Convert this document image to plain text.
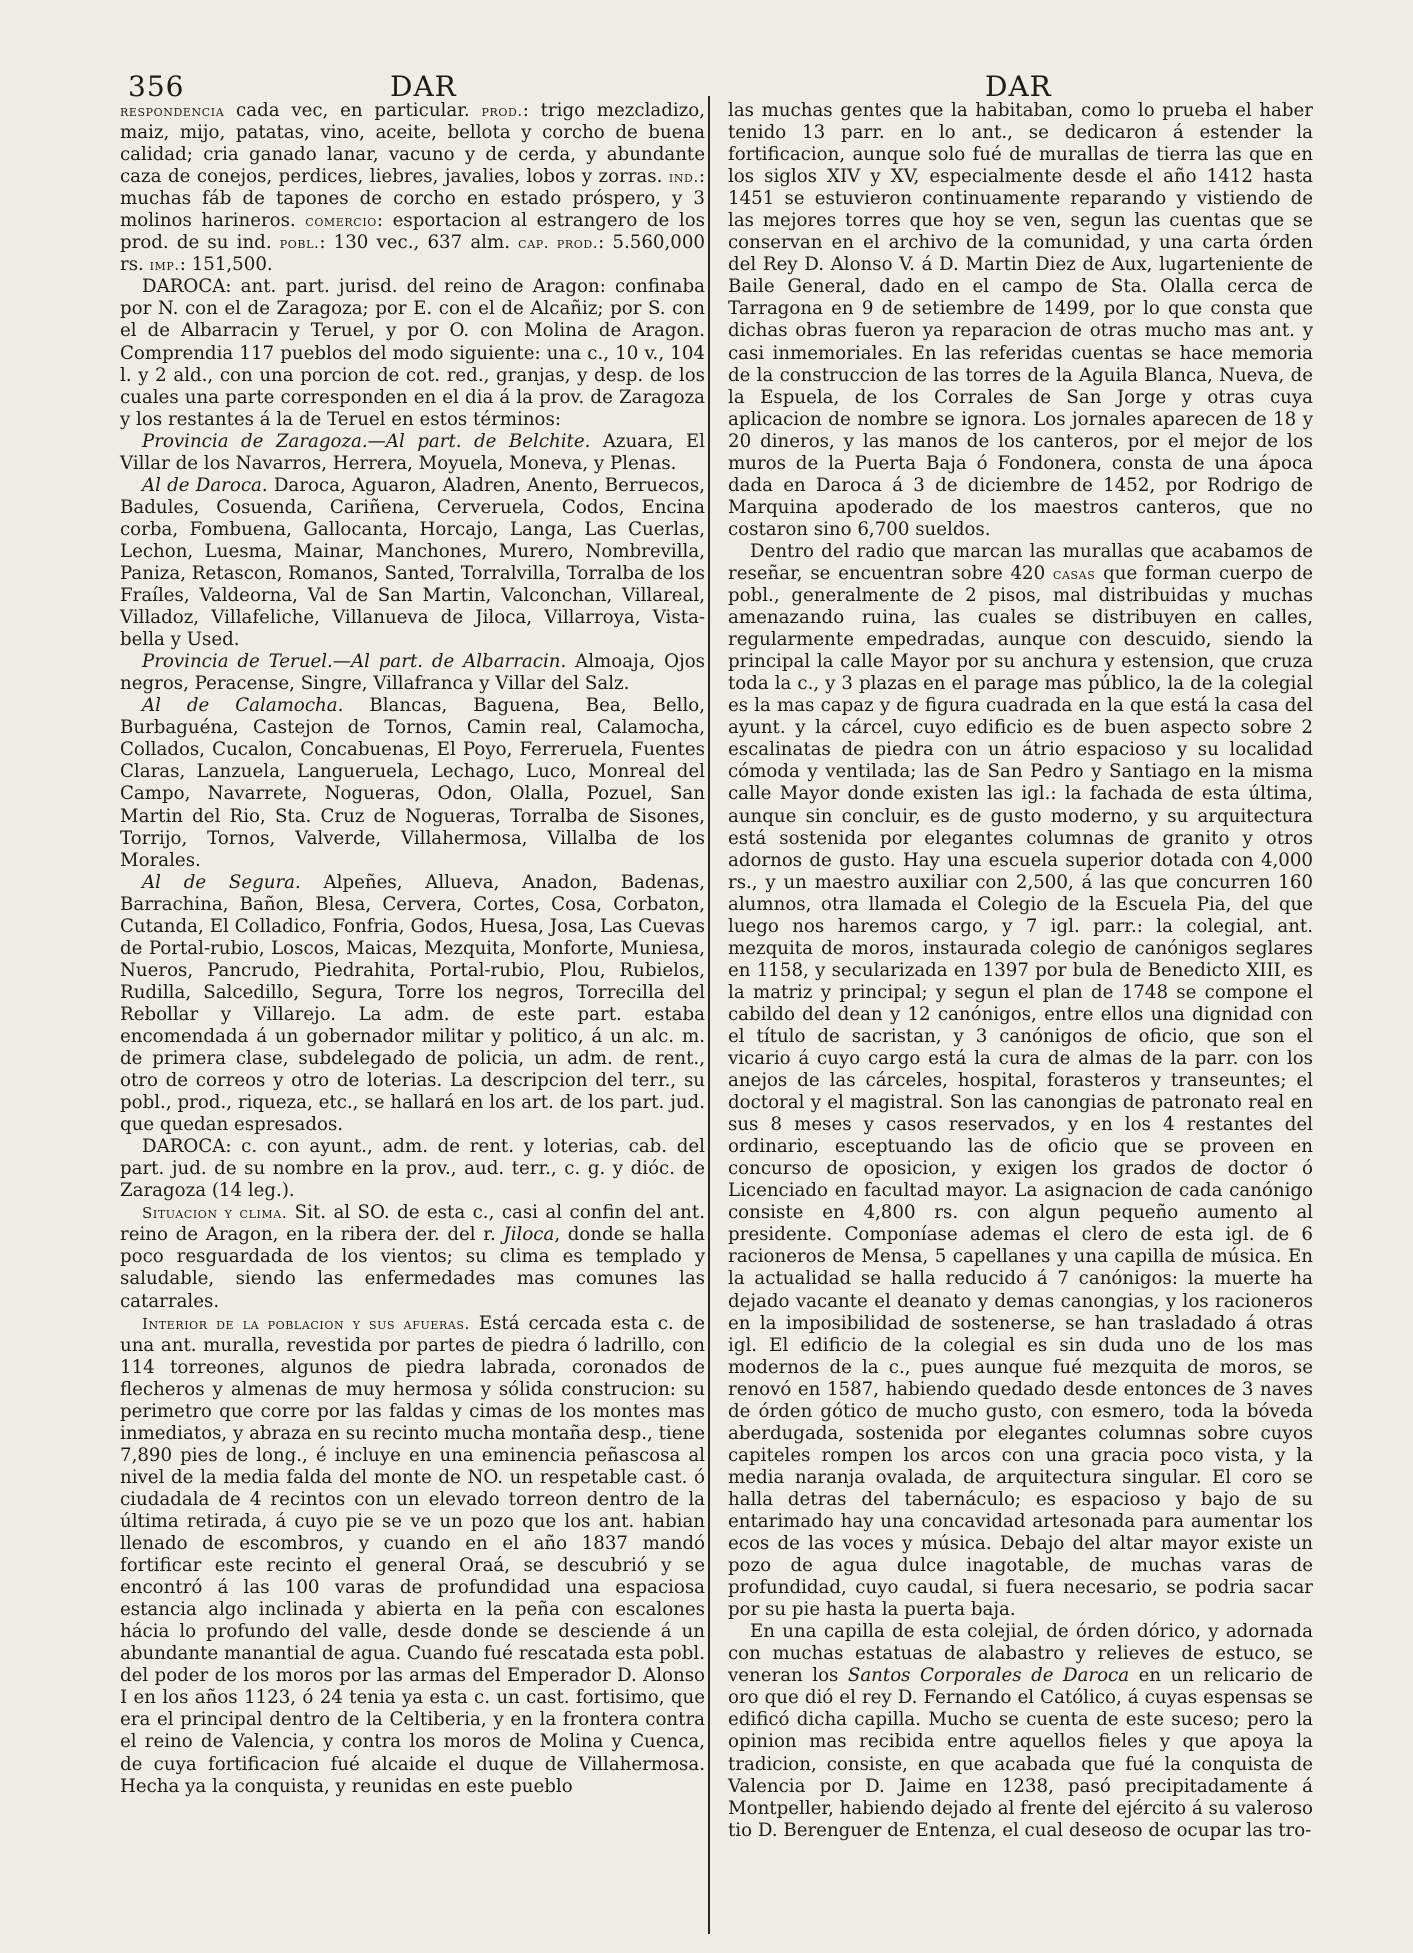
356	DAR	DAR

respondencia cada vec, en particular. prod.: trigo mezcladizo, maiz, mijo, patatas, vino, aceite, bellota y corcho de buena calidad; cria ganado lanar, vacuno y de cerda, y abundante caza de conejos, perdices, liebres, javalies, lobos y zorras. ind.: muchas fáb de tapones de corcho en estado próspero, y 3 molinos harineros. comercio: esportacion al estrangero de los prod. de su ind. pobl.: 130 vec., 637 alm. cap. prod.: 5.560,000 rs. imp.: 151,500.

DAROCA: ant. part. jurisd. del reino de Aragon: confinaba por N. con el de Zaragoza; por E. con el de Alcañiz; por S. con el de Albarracin y Teruel, y por O. con Molina de Aragon. Comprendia 117 pueblos del modo siguiente: una c., 10 v., 104 l. y 2 ald., con una porcion de cot. red., granjas, y desp. de los cuales una parte corresponden en el dia á la prov. de Zaragoza y los restantes á la de Teruel en estos términos:

Provincia de Zaragoza.—Al part. de Belchite. Azuara, El Villar de los Navarros, Herrera, Moyuela, Moneva, y Plenas.

Al de Daroca. Daroca, Aguaron, Aladren, Anento, Berruecos, Badules, Cosuenda, Cariñena, Cerveruela, Codos, Encina corba, Fombuena, Gallocanta, Horcajo, Langa, Las Cuerlas, Lechon, Luesma, Mainar, Manchones, Murero, Nombrevilla, Paniza, Retascon, Romanos, Santed, Torralvilla, Torralba de los Fraíles, Valdeorna, Val de San Martin, Valconchan, Villareal, Villadoz, Villafeliche, Villanueva de Jiloca, Villarroya, Vista-bella y Used.

Provincia de Teruel.—Al part. de Albarracin. Almoaja, Ojos negros, Peracense, Singre, Villafranca y Villar del Salz.

Al de Calamocha. Blancas, Baguena, Bea, Bello, Burbaguéna, Castejon de Tornos, Camin real, Calamocha, Collados, Cucalon, Concabuenas, El Poyo, Ferreruela, Fuentes Claras, Lanzuela, Langueruela, Lechago, Luco, Monreal del Campo, Navarrete, Nogueras, Odon, Olalla, Pozuel, San Martin del Rio, Sta. Cruz de Nogueras, Torralba de Sisones, Torrijo, Tornos, Valverde, Villahermosa, Villalba de los Morales.

Al de Segura. Alpeñes, Allueva, Anadon, Badenas, Barrachina, Bañon, Blesa, Cervera, Cortes, Cosa, Corbaton, Cutanda, El Colladico, Fonfria, Godos, Huesa, Josa, Las Cuevas de Portal-rubio, Loscos, Maicas, Mezquita, Monforte, Muniesa, Nueros, Pancrudo, Piedrahita, Portal-rubio, Plou, Rubielos, Rudilla, Salcedillo, Segura, Torre los negros, Torrecilla del Rebollar y Villarejo. La adm. de este part. estaba encomendada á un gobernador militar y politico, á un alc. m. de primera clase, subdelegado de policia, un adm. de rent., otro de correos y otro de loterias. La descripcion del terr., su pobl., prod., riqueza, etc., se hallará en los art. de los part. jud. que quedan espresados.

DAROCA: c. con ayunt., adm. de rent. y loterias, cab. del part. jud. de su nombre en la prov., aud. terr., c. g. y dióc. de Zaragoza (14 leg.).

Situacion y clima. Sit. al SO. de esta c., casi al confin del ant. reino de Aragon, en la ribera der. del r. Jiloca, donde se halla poco resguardada de los vientos; su clima es templado y saludable, siendo las enfermedades mas comunes las catarrales.

Interior de la poblacion y sus afueras. Está cercada esta c. de una ant. muralla, revestida por partes de piedra ó ladrillo, con 114 torreones, algunos de piedra labrada, coronados de flecheros y almenas de muy hermosa y sólida construcion: su perimetro que corre por las faldas y cimas de los montes mas inmediatos, y abraza en su recinto mucha montaña desp., tiene 7,890 pies de long., é incluye en una eminencia peñascosa al nivel de la media falda del monte de NO. un respetable cast. ó ciudadala de 4 recintos con un elevado torreon dentro de la última retirada, á cuyo pie se ve un pozo que los ant. habian llenado de escombros, y cuando en el año 1837 mandó fortificar este recinto el general Oraá, se descubrió y se encontró á las 100 varas de profundidad una espaciosa estancia algo inclinada y abierta en la peña con escalones hácia lo profundo del valle, desde donde se desciende á un abundante manantial de agua. Cuando fué rescatada esta pobl. del poder de los moros por las armas del Emperador D. Alonso I en los años 1123, ó 24 tenia ya esta c. un cast. fortisimo, que era el principal dentro de la Celtiberia, y en la frontera contra el reino de Valencia, y contra los moros de Molina y Cuenca, de cuya fortificacion fué alcaide el duque de Villahermosa. Hecha ya la conquista, y reunidas en este pueblo

las muchas gentes que la habitaban, como lo prueba el haber tenido 13 parr. en lo ant., se dedicaron á estender la fortificacion, aunque solo fué de murallas de tierra las que en los siglos XIV y XV, especialmente desde el año 1412 hasta 1451 se estuvieron continuamente reparando y vistiendo de las mejores torres que hoy se ven, segun las cuentas que se conservan en el archivo de la comunidad, y una carta órden del Rey D. Alonso V. á D. Martin Diez de Aux, lugarteniente de Baile General, dado en el campo de Sta. Olalla cerca de Tarragona en 9 de setiembre de 1499, por lo que consta que dichas obras fueron ya reparacion de otras mucho mas ant. y casi inmemoriales. En las referidas cuentas se hace memoria de la construccion de las torres de la Aguila Blanca, Nueva, de la Espuela, de los Corrales de San Jorge y otras cuya aplicacion de nombre se ignora. Los jornales aparecen de 18 y 20 dineros, y las manos de los canteros, por el mejor de los muros de la Puerta Baja ó Fondonera, consta de una ápoca dada en Daroca á 3 de diciembre de 1452, por Rodrigo de Marquina apoderado de los maestros canteros, que no costaron sino 6,700 sueldos.

Dentro del radio que marcan las murallas que acabamos de reseñar, se encuentran sobre 420 casas que forman cuerpo de pobl., generalmente de 2 pisos, mal distribuidas y muchas amenazando ruina, las cuales se distribuyen en calles, regularmente empedradas, aunque con descuido, siendo la principal la calle Mayor por su anchura y estension, que cruza toda la c., y 3 plazas en el parage mas público, la de la colegial es la mas capaz y de figura cuadrada en la que está la casa del ayunt. y la cárcel, cuyo edificio es de buen aspecto sobre 2 escalinatas de piedra con un átrio espacioso y su localidad cómoda y ventilada; las de San Pedro y Santiago en la misma calle Mayor donde existen las igl.: la fachada de esta última, aunque sin concluir, es de gusto moderno, y su arquitectura está sostenida por elegantes columnas de granito y otros adornos de gusto. Hay una escuela superior dotada con 4,000 rs., y un maestro auxiliar con 2,500, á las que concurren 160 alumnos, otra llamada el Colegio de la Escuela Pia, del que luego nos haremos cargo, y 7 igl. parr.: la colegial, ant. mezquita de moros, instaurada colegio de canónigos seglares en 1158, y secularizada en 1397 por bula de Benedicto XIII, es la matriz y principal; y segun el plan de 1748 se compone el cabildo del dean y 12 canónigos, entre ellos una dignidad con el título de sacristan, y 3 canónigos de oficio, que son el vicario á cuyo cargo está la cura de almas de la parr. con los anejos de las cárceles, hospital, forasteros y transeuntes; el doctoral y el magistral. Son las canongias de patronato real en sus 8 meses y casos reservados, y en los 4 restantes del ordinario, esceptuando las de oficio que se proveen en concurso de oposicion, y exigen los grados de doctor ó Licenciado en facultad mayor. La asignacion de cada canónigo consiste en 4,800 rs. con algun pequeño aumento al presidente. Componíase ademas el clero de esta igl. de 6 racioneros de Mensa, 5 capellanes y una capilla de música. En la actualidad se halla reducido á 7 canónigos: la muerte ha dejado vacante el deanato y demas canongias, y los racioneros en la imposibilidad de sostenerse, se han trasladado á otras igl. El edificio de la colegial es sin duda uno de los mas modernos de la c., pues aunque fué mezquita de moros, se renovó en 1587, habiendo quedado desde entonces de 3 naves de órden gótico de mucho gusto, con esmero, toda la bóveda aberdugada, sostenida por elegantes columnas sobre cuyos capiteles rompen los arcos con una gracia poco vista, y la media naranja ovalada, de arquitectura singular. El coro se halla detras del tabernáculo; es espacioso y bajo de su entarimado hay una concavidad artesonada para aumentar los ecos de las voces y música. Debajo del altar mayor existe un pozo de agua dulce inagotable, de muchas varas de profundidad, cuyo caudal, si fuera necesario, se podria sacar por su pie hasta la puerta baja.

En una capilla de esta colejial, de órden dórico, y adornada con muchas estatuas de alabastro y relieves de estuco, se veneran los Santos Corporales de Daroca en un relicario de oro que dió el rey D. Fernando el Católico, á cuyas espensas se edificó dicha capilla. Mucho se cuenta de este suceso; pero la opinion mas recibida entre aquellos fieles y que apoya la tradicion, consiste, en que acabada que fué la conquista de Valencia por D. Jaime en 1238, pasó precipitadamente á Montpeller, habiendo dejado al frente del ejército á su valeroso tio D. Berenguer de Entenza, el cual deseoso de ocupar las tro-
